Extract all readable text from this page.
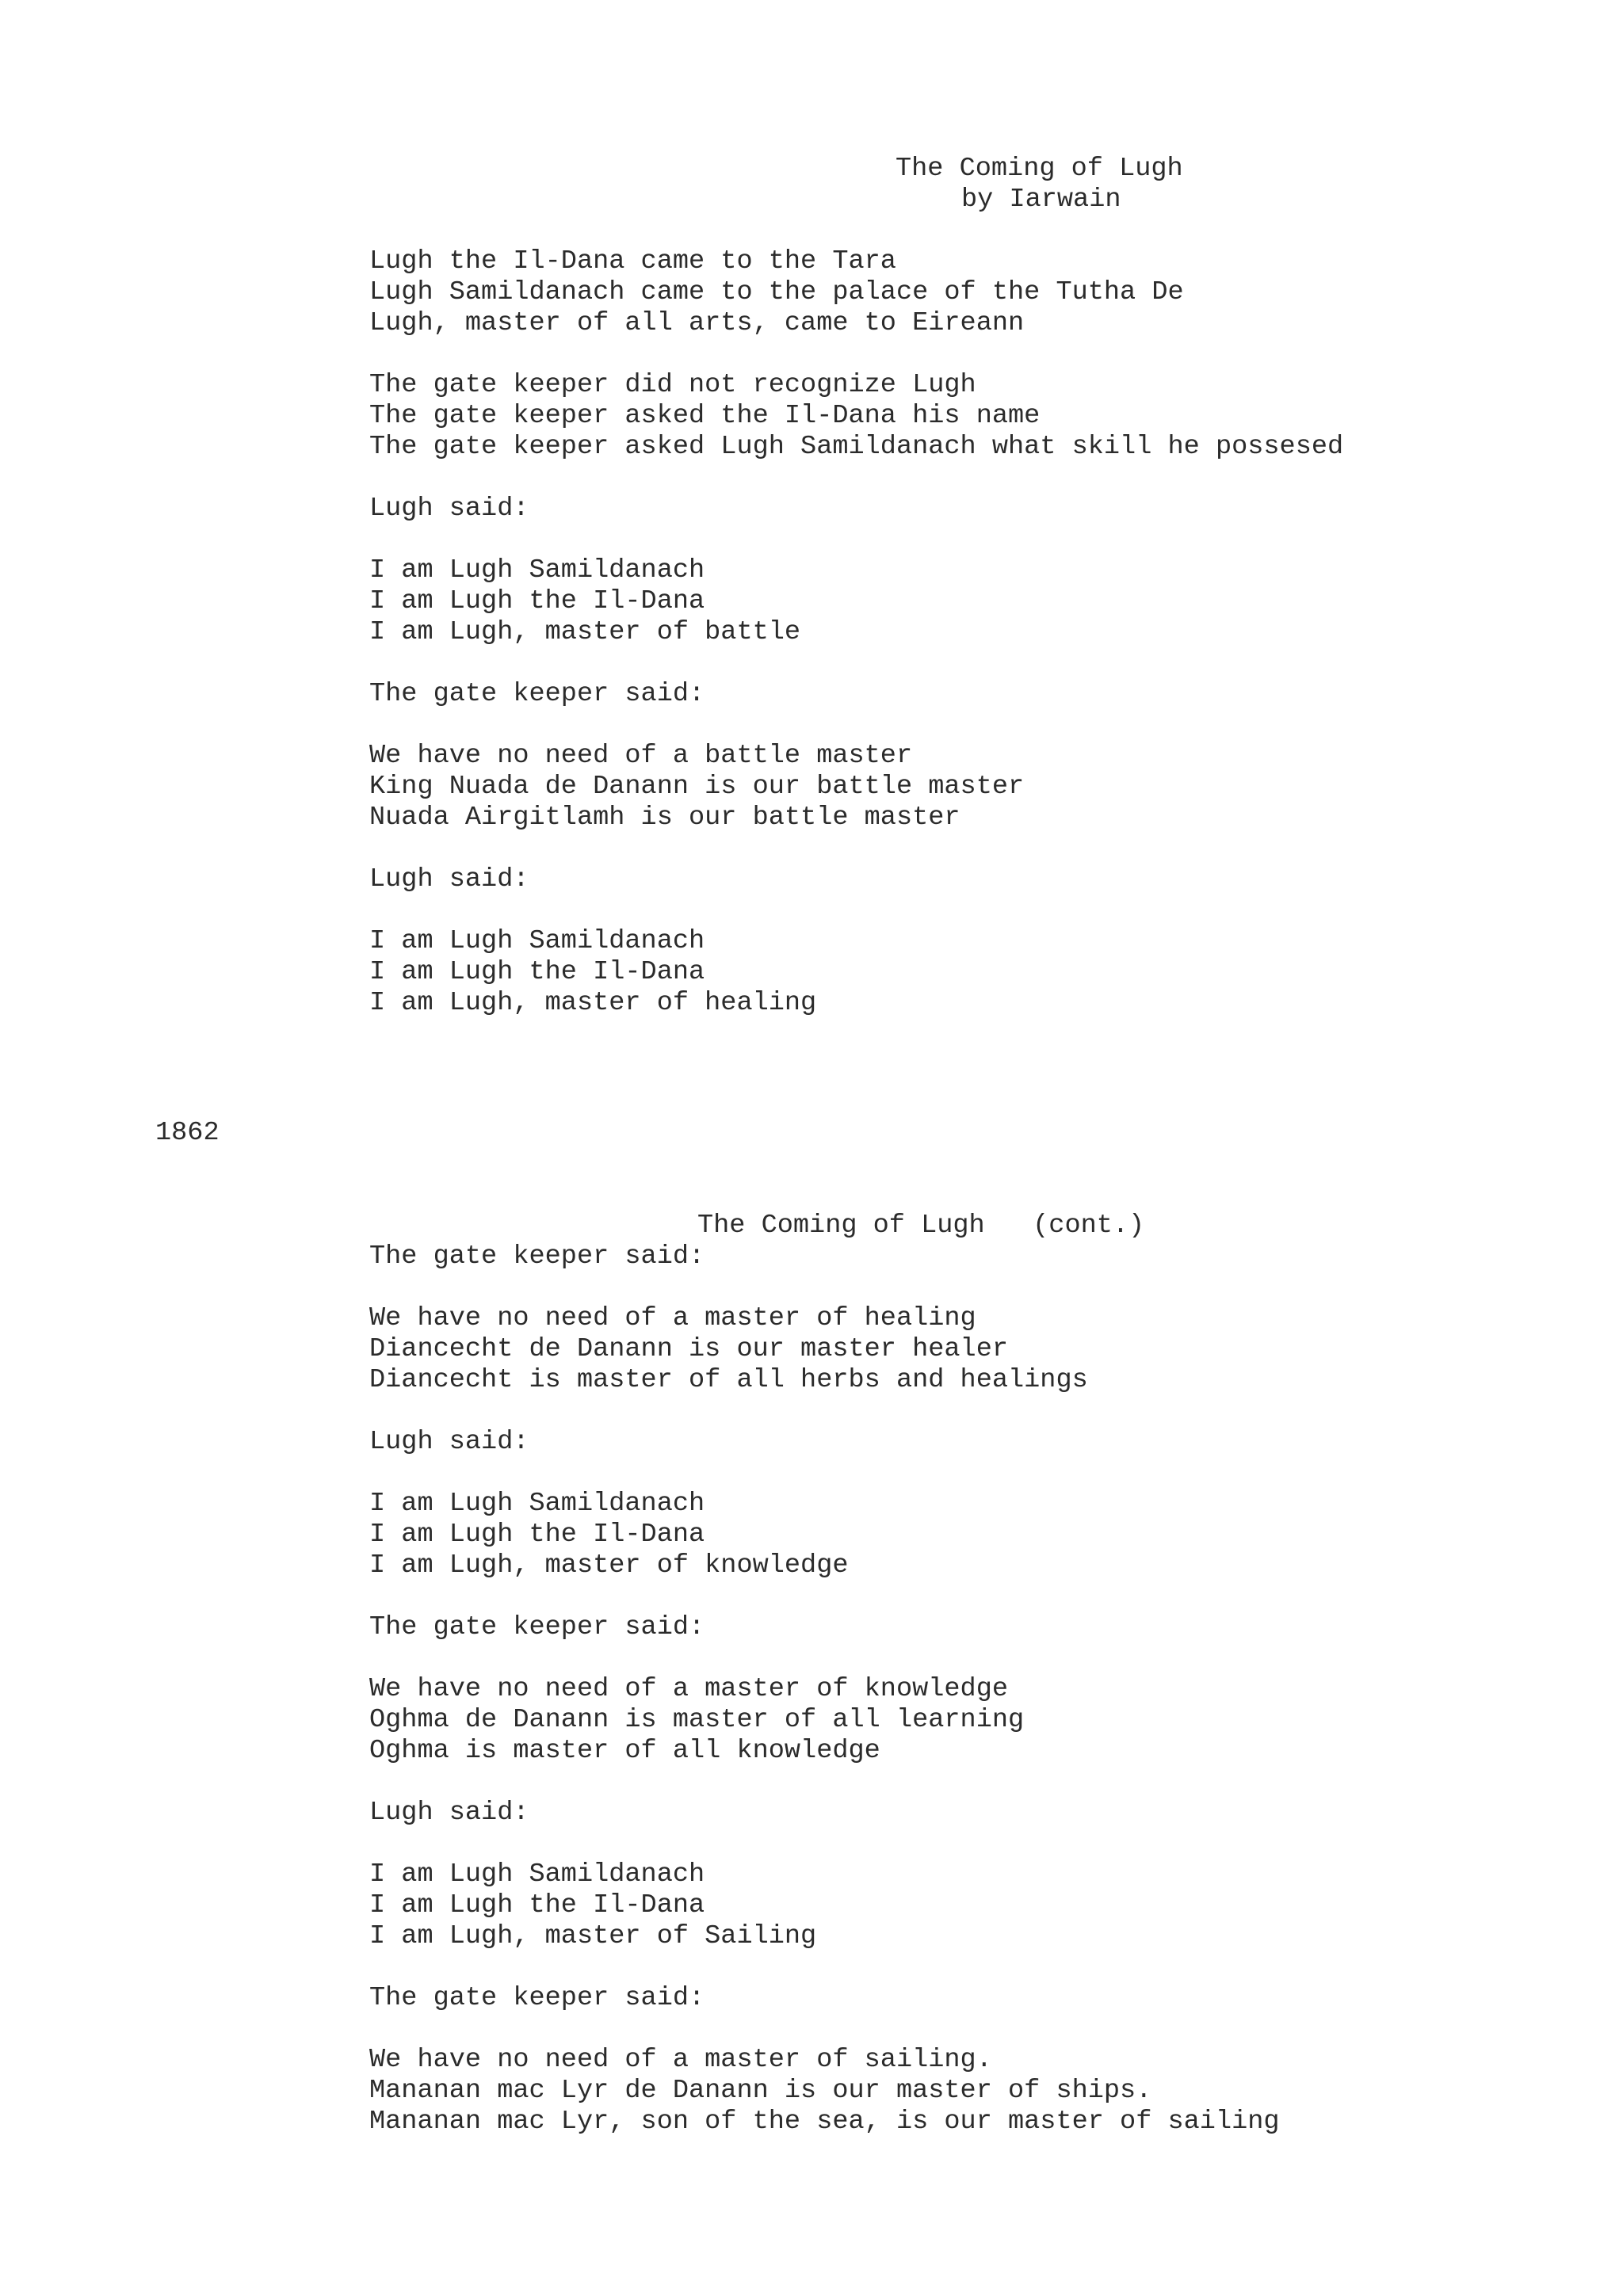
The Coming of Lugh

by Iarwain

Lugh the Il-Dana came to the Tara

Lugh Samildanach came to the palace of the Tutha De

Lugh, master of all arts, came to Eireann

The gate keeper did not recognize Lugh

The gate keeper asked the Il-Dana his name

The gate keeper asked Lugh Samildanach what skill he possesed

Lugh said:

I am Lugh Samildanach

I am Lugh the Il-Dana

I am Lugh, master of battle

The gate keeper said:

We have no need of a battle master

King Nuada de Danann is our battle master

Nuada Airgitlamh is our battle master

Lugh said:

I am Lugh Samildanach

I am Lugh the Il-Dana

I am Lugh, master of healing

1862

The Coming of Lugh   (cont.)

The gate keeper said:

We have no need of a master of healing

Diancecht de Danann is our master healer

Diancecht is master of all herbs and healings

Lugh said:

I am Lugh Samildanach

I am Lugh the Il-Dana

I am Lugh, master of knowledge

The gate keeper said:

We have no need of a master of knowledge

Oghma de Danann is master of all learning

Oghma is master of all knowledge

Lugh said:

I am Lugh Samildanach

I am Lugh the Il-Dana

I am Lugh, master of Sailing

The gate keeper said:

We have no need of a master of sailing.

Mananan mac Lyr de Danann is our master of ships.

Mananan mac Lyr, son of the sea, is our master of sailing
